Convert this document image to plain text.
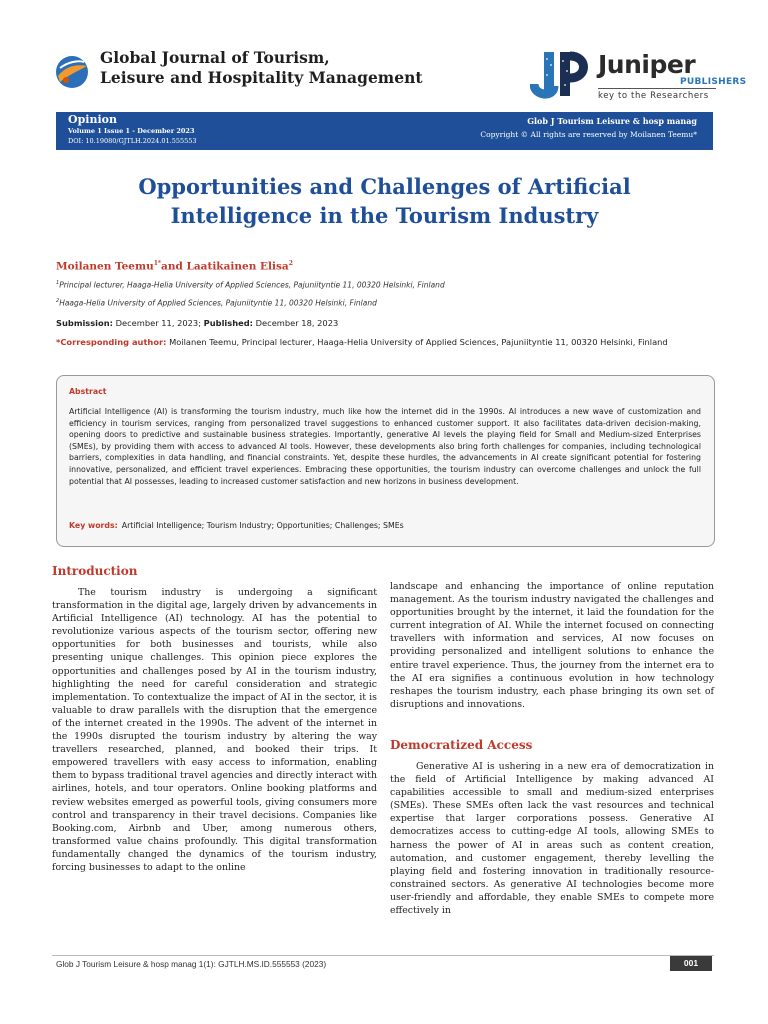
Global Journal of Tourism,
Leisure and Hospitality Management	Juniper
PUBLISHERS
key to the Researchers
Opinion
Volume 1 Issue 1 - December 2023
DOI: 10.19080/GJTLH.2024.01.555553
Glob J Tourism Leisure & hosp manag
Copyright © All rights are reserved by Moilanen Teemu*
Opportunities and Challenges of Artificial
Intelligence in the Tourism Industry
Moilanen Teemu$^{1*}$and Laatikainen Elisa$^2$
$^1$Principal lecturer, Haaga-Helia University of Applied Sciences, Pajuniityntie 11, 00320 Helsinki, Finland
$^2$Haaga-Helia University of Applied Sciences, Pajuniityntie 11, 00320 Helsinki, Finland
Submission: December 11, 2023; Published: December 18, 2023
*Corresponding author: Moilanen Teemu, Principal lecturer, Haaga-Helia University of Applied Sciences, Pajuniityntie 11, 00320 Helsinki, Finland
Abstract
Artificial Intelligence (AI) is transforming the tourism industry, much like how the internet did in the 1990s. AI introduces a new wave of customization and efficiency in tourism services, ranging from personalized travel suggestions to enhanced customer support. It also facilitates data-driven decision-making, opening doors to predictive and sustainable business strategies. Importantly, generative AI levels the playing field for Small and Medium-sized Enterprises (SMEs), by providing them with access to advanced AI tools. However, these developments also bring forth challenges for companies, including technological barriers, complexities in data handling, and financial constraints. Yet, despite these hurdles, the advancements in AI create significant potential for fostering innovative, personalized, and efficient travel experiences. Embracing these opportunities, the tourism industry can overcome challenges and unlock the full potential that AI possesses, leading to increased customer satisfaction and new horizons in business development.
Key words: Artificial Intelligence; Tourism Industry; Opportunities; Challenges; SMEs
Introduction

The tourism industry is undergoing a significant transformation in the digital age, largely driven by advancements in Artificial Intelligence (AI) technology. AI has the potential to revolutionize various aspects of the tourism sector, offering new opportunities for both businesses and tourists, while also presenting unique challenges. This opinion piece explores the opportunities and challenges posed by AI in the tourism industry, highlighting the need for careful consideration and strategic implementation. To contextualize the impact of AI in the sector, it is valuable to draw parallels with the disruption that the emergence of the internet created in the 1990s. The advent of the internet in the 1990s disrupted the tourism industry by altering the way travellers researched, planned, and booked their trips. It empowered travellers with easy access to information, enabling them to bypass traditional travel agencies and directly interact with airlines, hotels, and tour operators. Online booking platforms and review websites emerged as powerful tools, giving consumers more control and transparency in their travel decisions. Companies like Booking.com, Airbnb and Uber, among numerous others, transformed value chains profoundly. This digital transformation fundamentally changed the dynamics of the tourism industry, forcing businesses to adapt to the online

landscape and enhancing the importance of online reputation management. As the tourism industry navigated the challenges and opportunities brought by the internet, it laid the foundation for the current integration of AI. While the internet focused on connecting travellers with information and services, AI now focuses on providing personalized and intelligent solutions to enhance the entire travel experience. Thus, the journey from the internet era to the AI era signifies a continuous evolution in how technology reshapes the tourism industry, each phase bringing its own set of disruptions and innovations.

Democratized Access

Generative AI is ushering in a new era of democratization in the field of Artificial Intelligence by making advanced AI capabilities accessible to small and medium-sized enterprises (SMEs). These SMEs often lack the vast resources and technical expertise that larger corporations possess. Generative AI democratizes access to cutting-edge AI tools, allowing SMEs to harness the power of AI in areas such as content creation, automation, and customer engagement, thereby levelling the playing field and fostering innovation in traditionally resource-constrained sectors. As generative AI technologies become more user-friendly and affordable, they enable SMEs to compete more effectively in

Glob J Tourism Leisure & hosp manag 1(1): GJTLH.MS.ID.555553 (2023)	001
